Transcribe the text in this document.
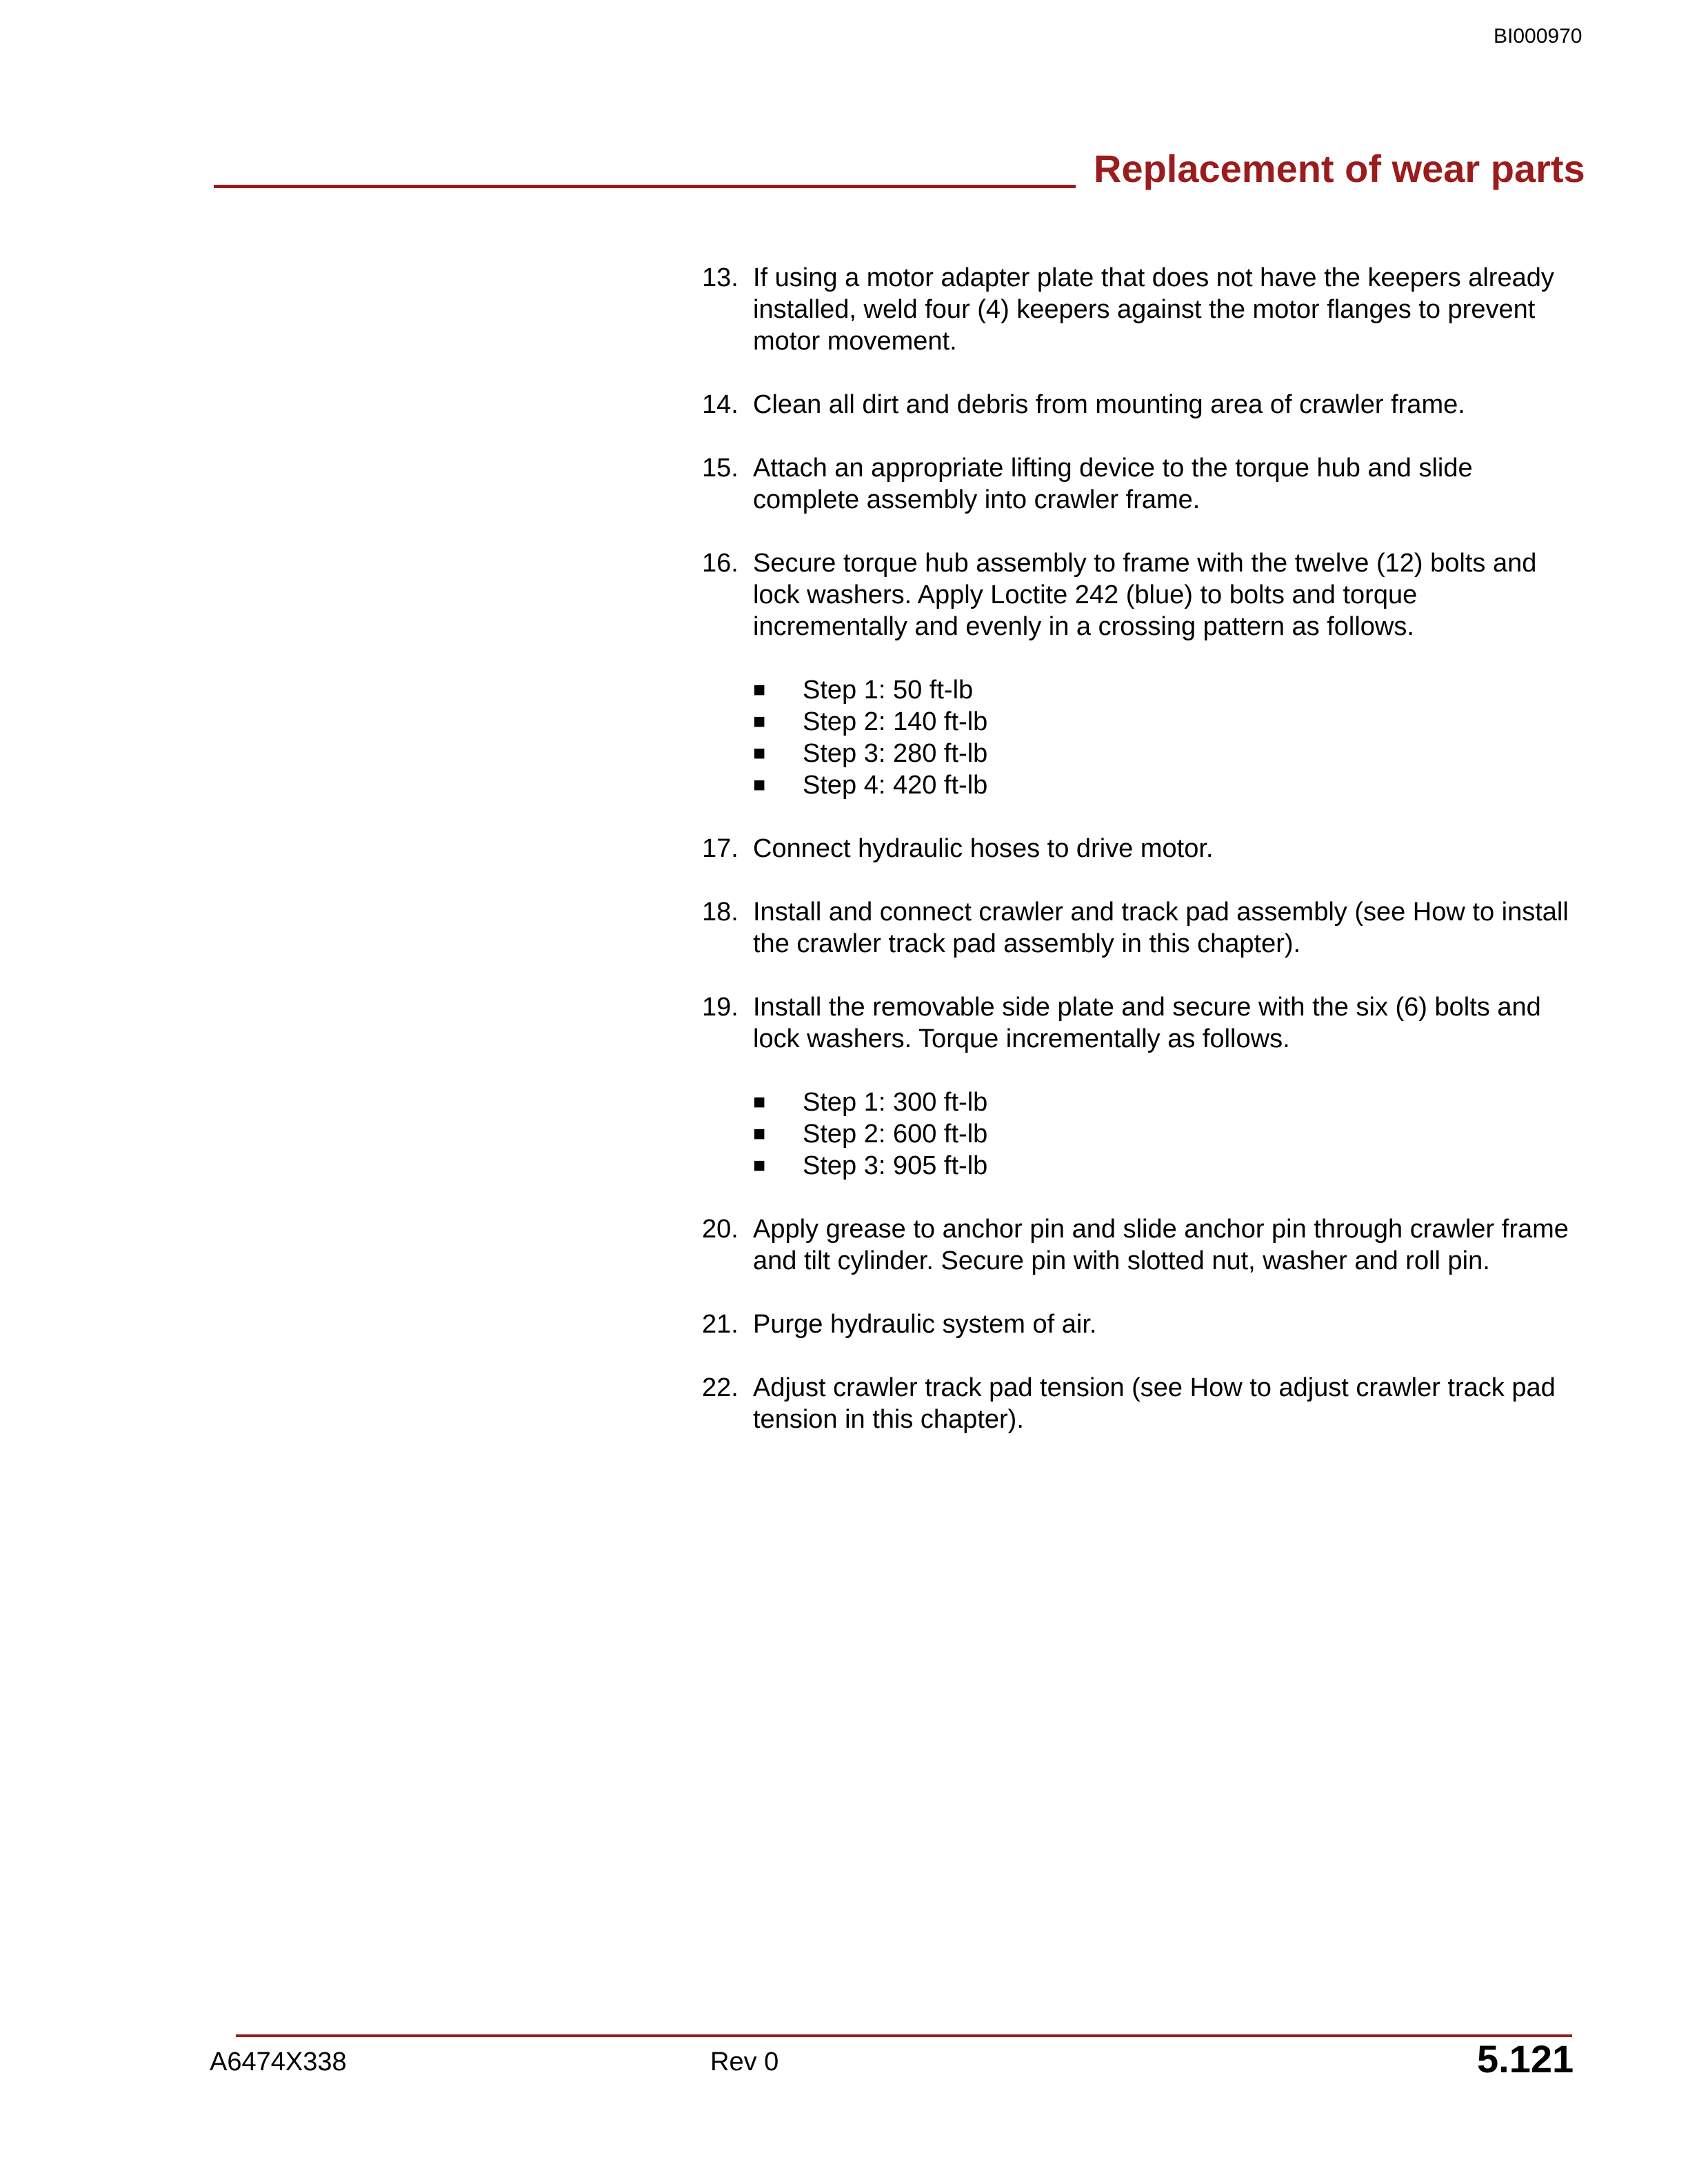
BI000970
Replacement of wear parts
13. If using a motor adapter plate that does not have the keepers already installed, weld four (4) keepers against the motor flanges to prevent motor movement.
14. Clean all dirt and debris from mounting area of crawler frame.
15. Attach an appropriate lifting device to the torque hub and slide complete assembly into crawler frame.
16. Secure torque hub assembly to frame with the twelve (12) bolts and lock washers. Apply Loctite 242 (blue) to bolts and torque incrementally and evenly in a crossing pattern as follows.
■ Step 1: 50 ft-lb
■ Step 2: 140 ft-lb
■ Step 3: 280 ft-lb
■ Step 4: 420 ft-lb
17. Connect hydraulic hoses to drive motor.
18. Install and connect crawler and track pad assembly (see How to install the crawler track pad assembly in this chapter).
19. Install the removable side plate and secure with the six (6) bolts and lock washers. Torque incrementally as follows.
■ Step 1: 300 ft-lb
■ Step 2: 600 ft-lb
■ Step 3: 905 ft-lb
20. Apply grease to anchor pin and slide anchor pin through crawler frame and tilt cylinder. Secure pin with slotted nut, washer and roll pin.
21. Purge hydraulic system of air.
22. Adjust crawler track pad tension (see How to adjust crawler track pad tension in this chapter).
A6474X338	Rev 0	5.121
